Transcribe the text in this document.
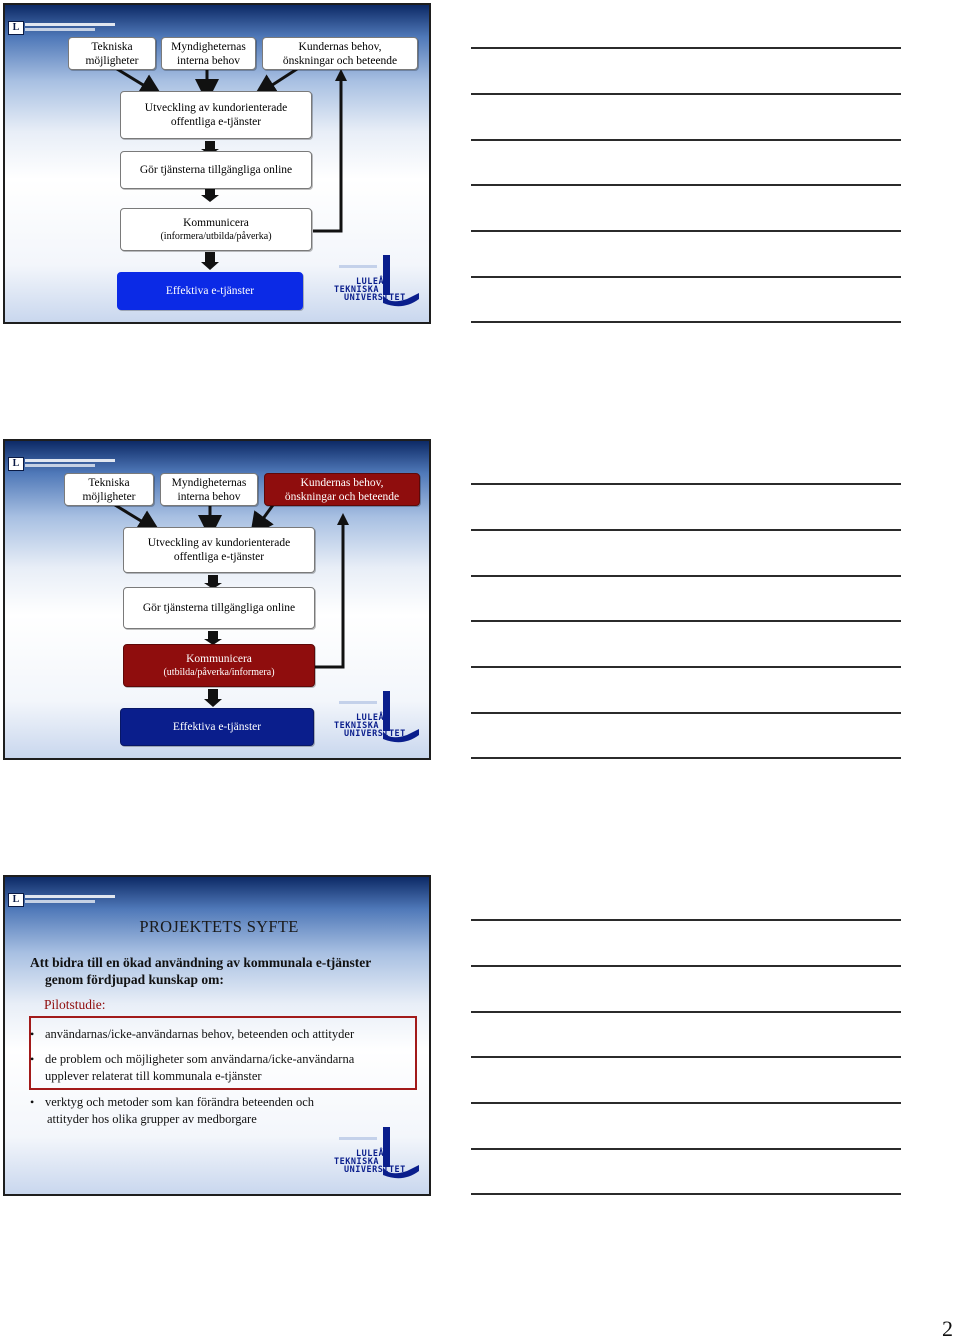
L
Tekniska
möjligheter
Myndigheternas
interna behov
Kundernas behov,
önskningar och beteende
Utveckling av kundorienterade
offentliga e-tjänster
Gör tjänsterna tillgängliga online
Kommunicera
(informera/utbilda/påverka)
Effektiva e-tjänster
LULEÅ
TEKNISKA
UNIVERSITET
L
Tekniska
möjligheter
Myndigheternas
interna behov
Kundernas behov,
önskningar och beteende
Utveckling av kundorienterade
offentliga e-tjänster
Gör tjänsterna tillgängliga online
Kommunicera
(utbilda/påverka/informera)
Effektiva e-tjänster
LULEÅ
TEKNISKA
UNIVERSITET
L
PROJEKTETS SYFTE
Att bidra till en ökad användning av kommunala e-tjänster
genom fördjupad kunskap om:
Pilotstudie:
• användarnas/icke-användarnas behov, beteenden och attityder
• de problem och möjligheter som användarna/icke-användarna
upplever relaterat till kommunala e-tjänster
• verktyg och metoder som kan förändra beteenden och
attityder hos olika grupper av medborgare
LULEÅ
TEKNISKA
UNIVERSITET
2
